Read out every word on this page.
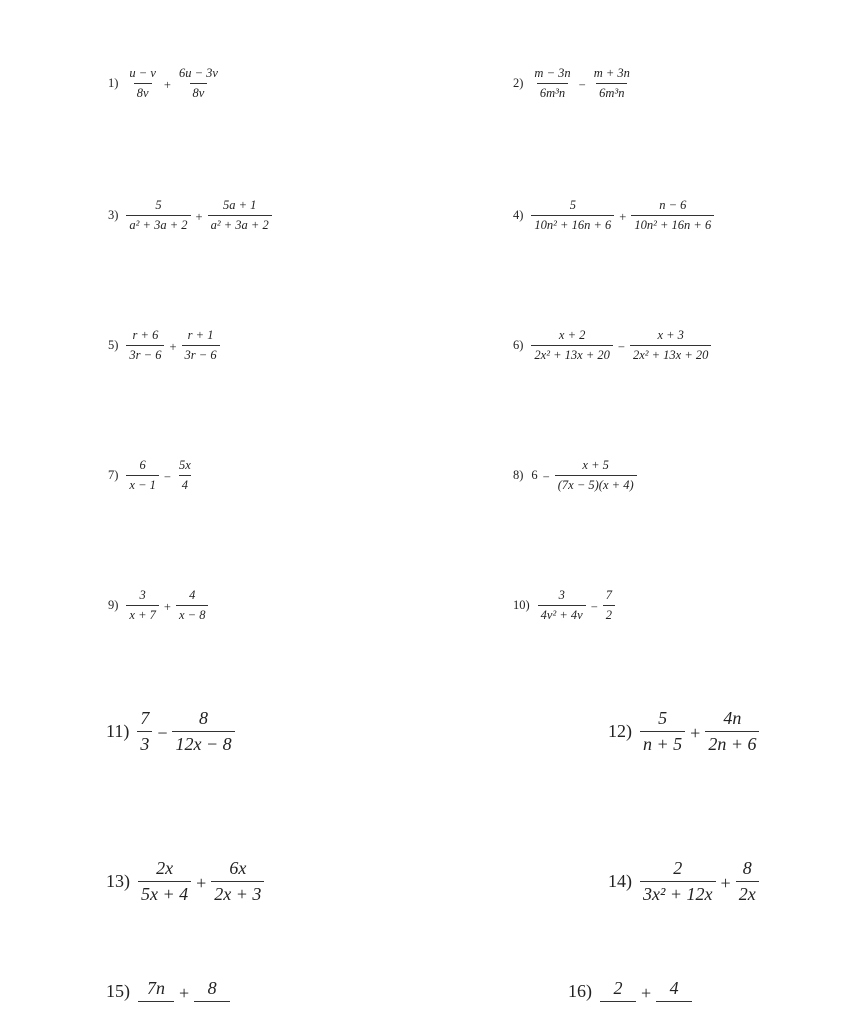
$1) \frac{u - v}{8v} + \frac{6u - 3v}{8v}$	$2) \frac{m - 3n}{\text{6m³n}} - \frac{m + 3n}{\text{6m³n}}$
$3) \frac{5}{\text{a² + 3a + 2}} + \frac{5a + 1}{\text{a² + 3a + 2}}$	$4) \frac{5}{\text{10n² + 16n + 6}} + \frac{n - 6}{\text{10n² + 16n + 6}}$
$5) \frac{r + 6}{3r - 6} + \frac{r + 1}{3r - 6}$	$6) \frac{x + 2}{\text{2x² + 13x + 20}} - \frac{x + 3}{\text{2x² + 13x + 20}}$
$7) \frac{6}{x - 1} - \frac{5x}{4}$	8) $6 - \frac{x + 5}{(7x - 5)(x + 4)}$
$9) \frac{3}{x + 7} + \frac{4}{x - 8}$	$10) \frac{3}{\text{4v² + 4v}} - \frac{7}{2}$
$11) \frac{7}{3} - \frac{8}{12x - 8}$	$12) \frac{5}{n + 5} + \frac{4n}{2n + 6}$
$13) \frac{2x}{5x + 4} + \frac{6x}{2x + 3}$	$14) \frac{2}{\text{3x² + 12x}} + \frac{8}{2x}$
15) 7n + 8	16) 2 + 4
